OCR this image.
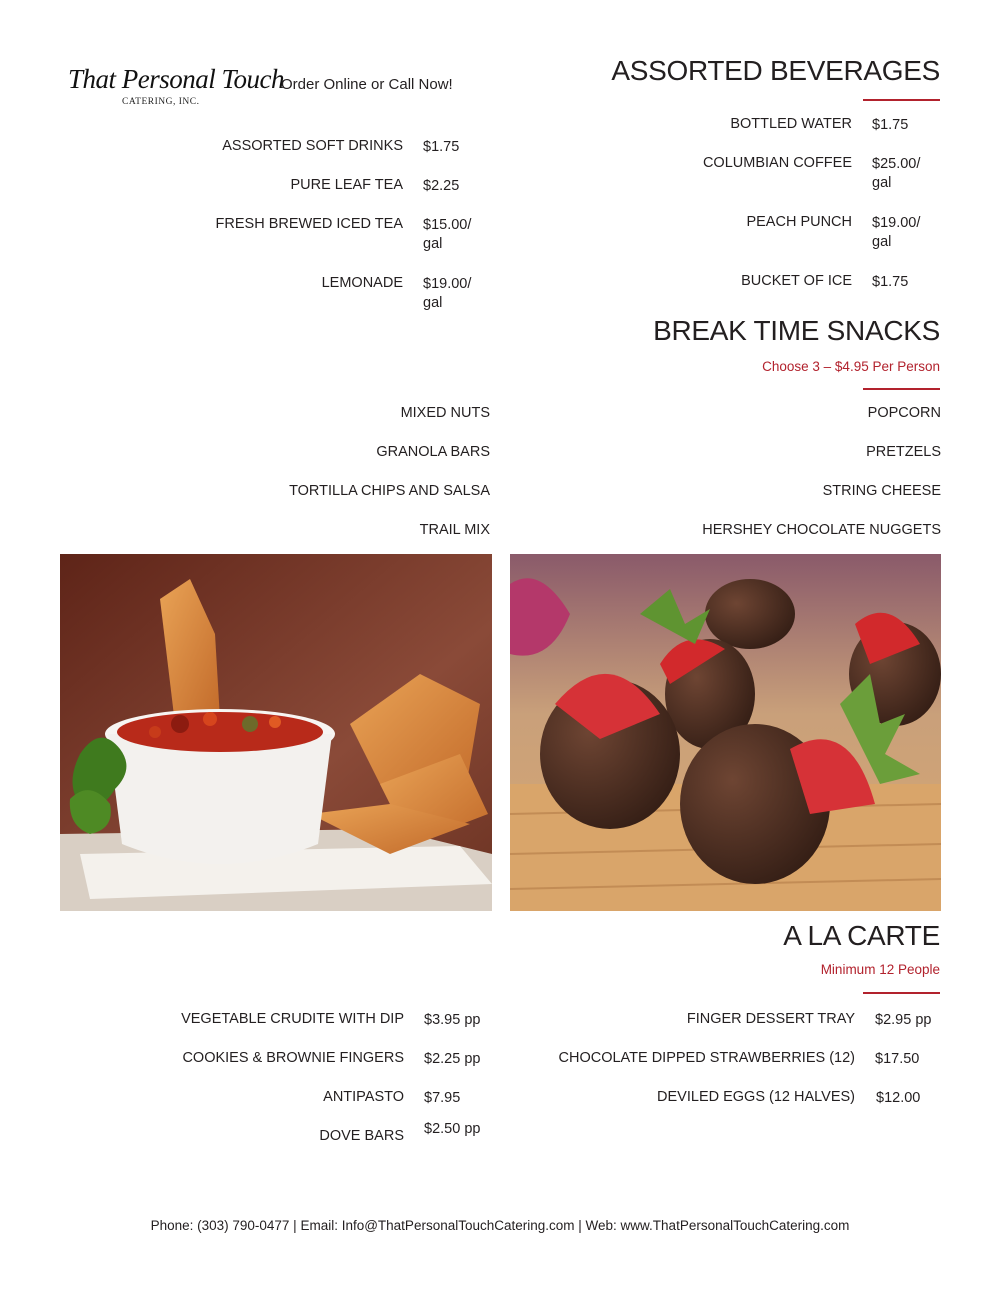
That Personal Touch
CATERING, INC.
Order Online or Call Now!	ASSORTED BEVERAGES
ASSORTED SOFT DRINKS $1.75
PURE LEAF TEA $2.25
FRESH BREWED ICED TEA $15.00/ gal
LEMONADE $19.00/ gal
BOTTLED WATER $1.75
COLUMBIAN COFFEE $25.00/ gal
PEACH PUNCH $19.00/ gal
BUCKET OF ICE $1.75
BREAK TIME SNACKS
Choose 3 – $4.95 Per Person
MIXED NUTS
GRANOLA BARS
TORTILLA CHIPS AND SALSA
TRAIL MIX
POPCORN
PRETZELS
STRING CHEESE
HERSHEY CHOCOLATE NUGGETS
A LA CARTE
Minimum 12 People
VEGETABLE CRUDITE WITH DIP $3.95 pp
COOKIES & BROWNIE FINGERS $2.25 pp
ANTIPASTO $7.95
DOVE BARS $2.50 pp
FINGER DESSERT TRAY $2.95 pp
CHOCOLATE DIPPED STRAWBERRIES (12) $17.50
DEVILED EGGS (12 HALVES) $12.00
Phone: (303) 790-0477 | Email: Info@ThatPersonalTouchCatering.com | Web: www.ThatPersonalTouchCatering.com
